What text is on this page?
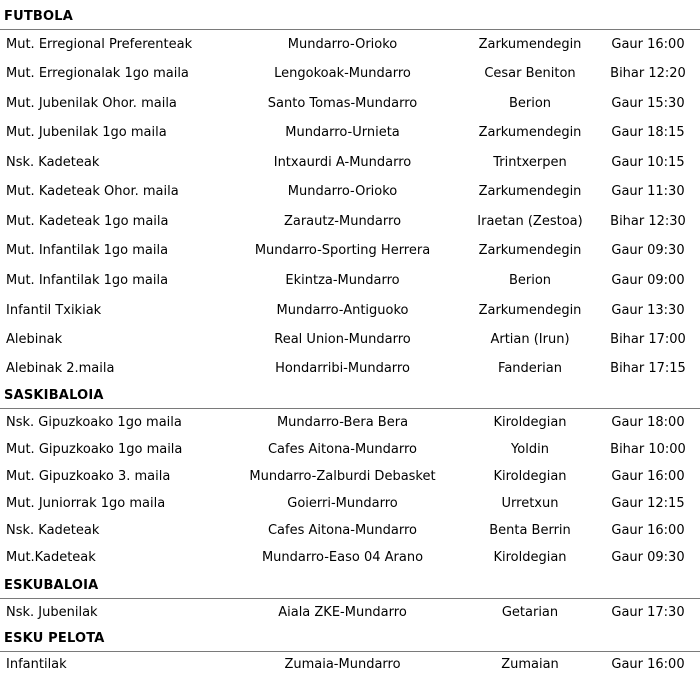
FUTBOLA
Mut. Erregional Preferenteak	Mundarro-Orioko	Zarkumendegin	Gaur 16:00
Mut. Erregionalak 1go maila	Lengokoak-Mundarro	Cesar Beniton	Bihar 12:20
Mut. Jubenilak Ohor. maila	Santo Tomas-Mundarro	Berion	Gaur 15:30
Mut. Jubenilak 1go maila	Mundarro-Urnieta	Zarkumendegin	Gaur 18:15
Nsk. Kadeteak	Intxaurdi A-Mundarro	Trintxerpen	Gaur 10:15
Mut. Kadeteak Ohor. maila	Mundarro-Orioko	Zarkumendegin	Gaur 11:30
Mut. Kadeteak 1go maila	Zarautz-Mundarro	Iraetan (Zestoa)	Bihar 12:30
Mut. Infantilak 1go maila	Mundarro-Sporting Herrera	Zarkumendegin	Gaur 09:30
Mut. Infantilak 1go maila	Ekintza-Mundarro	Berion	Gaur 09:00
Infantil Txikiak	Mundarro-Antiguoko	Zarkumendegin	Gaur 13:30
Alebinak	Real Union-Mundarro	Artian (Irun)	Bihar 17:00
Alebinak 2.maila	Hondarribi-Mundarro	Fanderian	Bihar 17:15
SASKIBALOIA
Nsk. Gipuzkoako 1go maila	Mundarro-Bera Bera	Kiroldegian	Gaur 18:00
Mut. Gipuzkoako 1go maila	Cafes Aitona-Mundarro	Yoldin	Bihar 10:00
Mut. Gipuzkoako 3. maila	Mundarro-Zalburdi Debasket	Kiroldegian	Gaur 16:00
Mut. Juniorrak 1go maila	Goierri-Mundarro	Urretxun	Gaur 12:15
Nsk. Kadeteak	Cafes Aitona-Mundarro	Benta Berrin	Gaur 16:00
Mut.Kadeteak	Mundarro-Easo 04 Arano	Kiroldegian	Gaur 09:30
ESKUBALOIA
Nsk. Jubenilak	Aiala ZKE-Mundarro	Getarian	Gaur 17:30
ESKU PELOTA
Infantilak	Zumaia-Mundarro	Zumaian	Gaur 16:00
